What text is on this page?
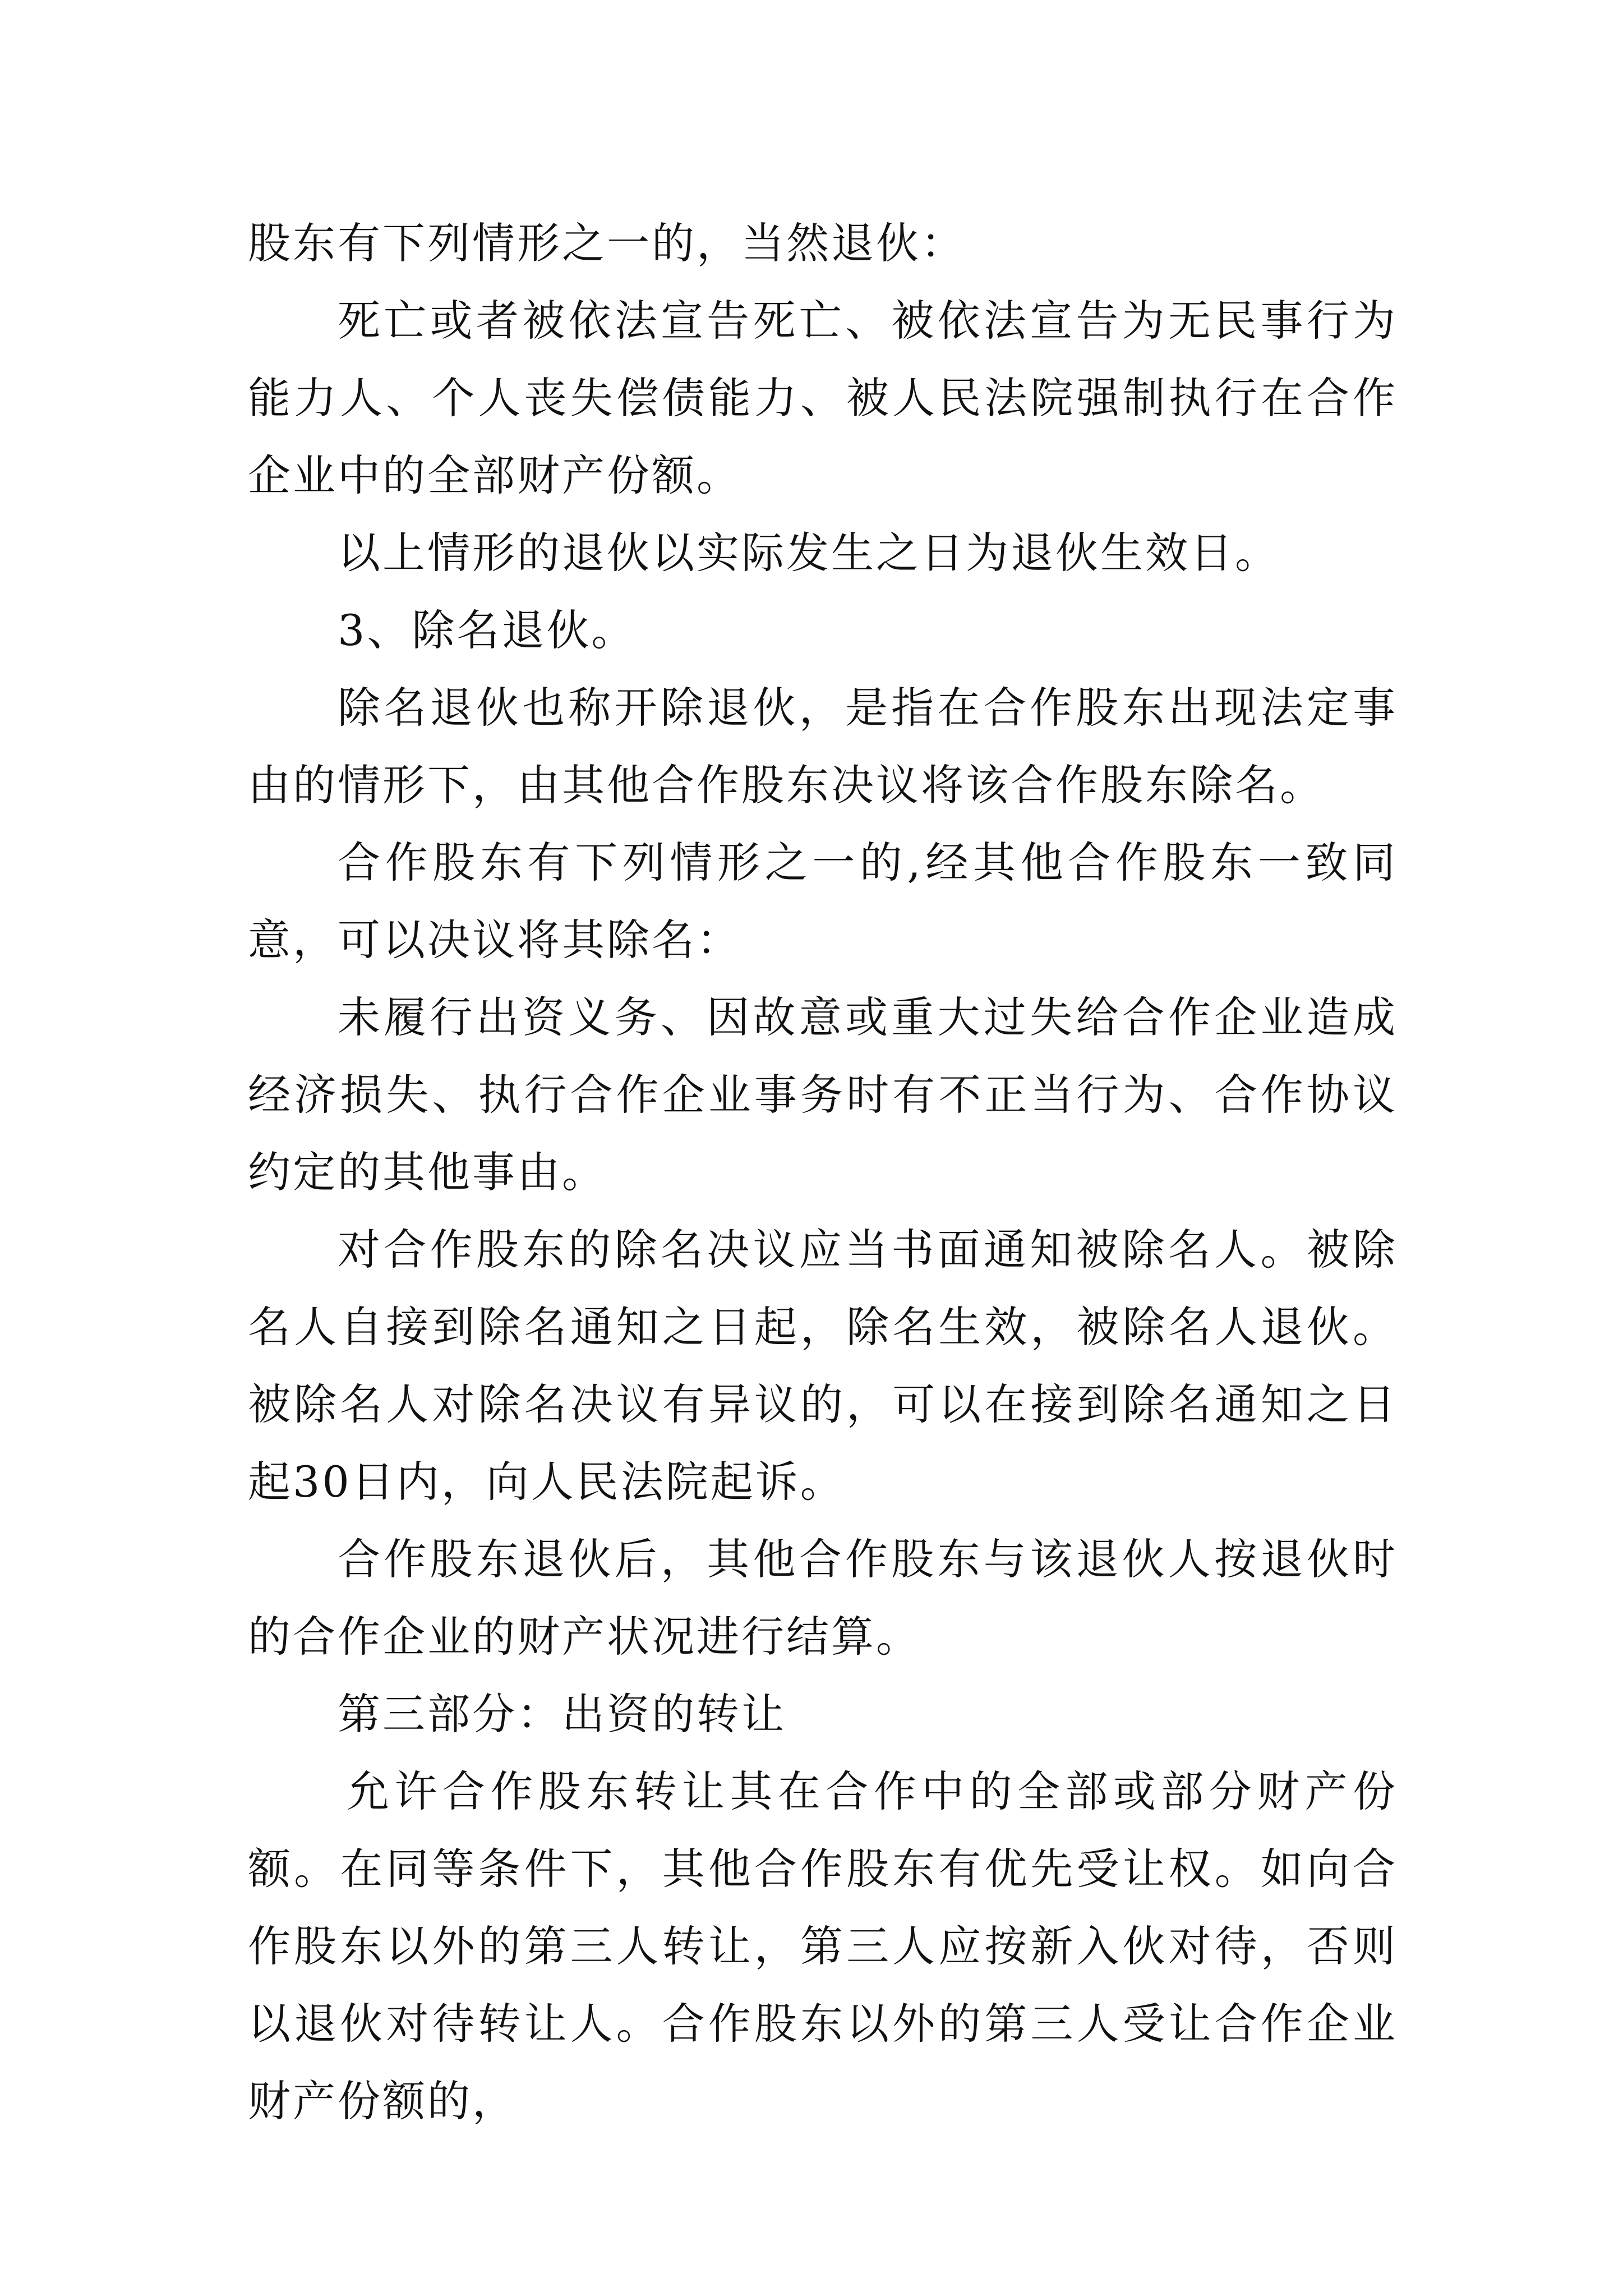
股东有下列情形之一的，当然退伙：

死亡或者被依法宣告死亡、被依法宣告为无民事行为能力人、个人丧失偿债能力、被人民法院强制执行在合作企业中的全部财产份额。

以上情形的退伙以实际发生之日为退伙生效日。

3、除名退伙。

除名退伙也称开除退伙，是指在合作股东出现法定事由的情形下，由其他合作股东决议将该合作股东除名。

合作股东有下列情形之一的,经其他合作股东一致同意，可以决议将其除名：

未履行出资义务、因故意或重大过失给合作企业造成经济损失、执行合作企业事务时有不正当行为、合作协议约定的其他事由。

对合作股东的除名决议应当书面通知被除名人。被除名人自接到除名通知之日起，除名生效，被除名人退伙。被除名人对除名决议有异议的，可以在接到除名通知之日起30日内，向人民法院起诉。

合作股东退伙后，其他合作股东与该退伙人按退伙时的合作企业的财产状况进行结算。

第三部分：出资的转让

允许合作股东转让其在合作中的全部或部分财产份额。在同等条件下，其他合作股东有优先受让权。如向合作股东以外的第三人转让，第三人应按新入伙对待，否则以退伙对待转让人。合作股东以外的第三人受让合作企业财产份额的，
